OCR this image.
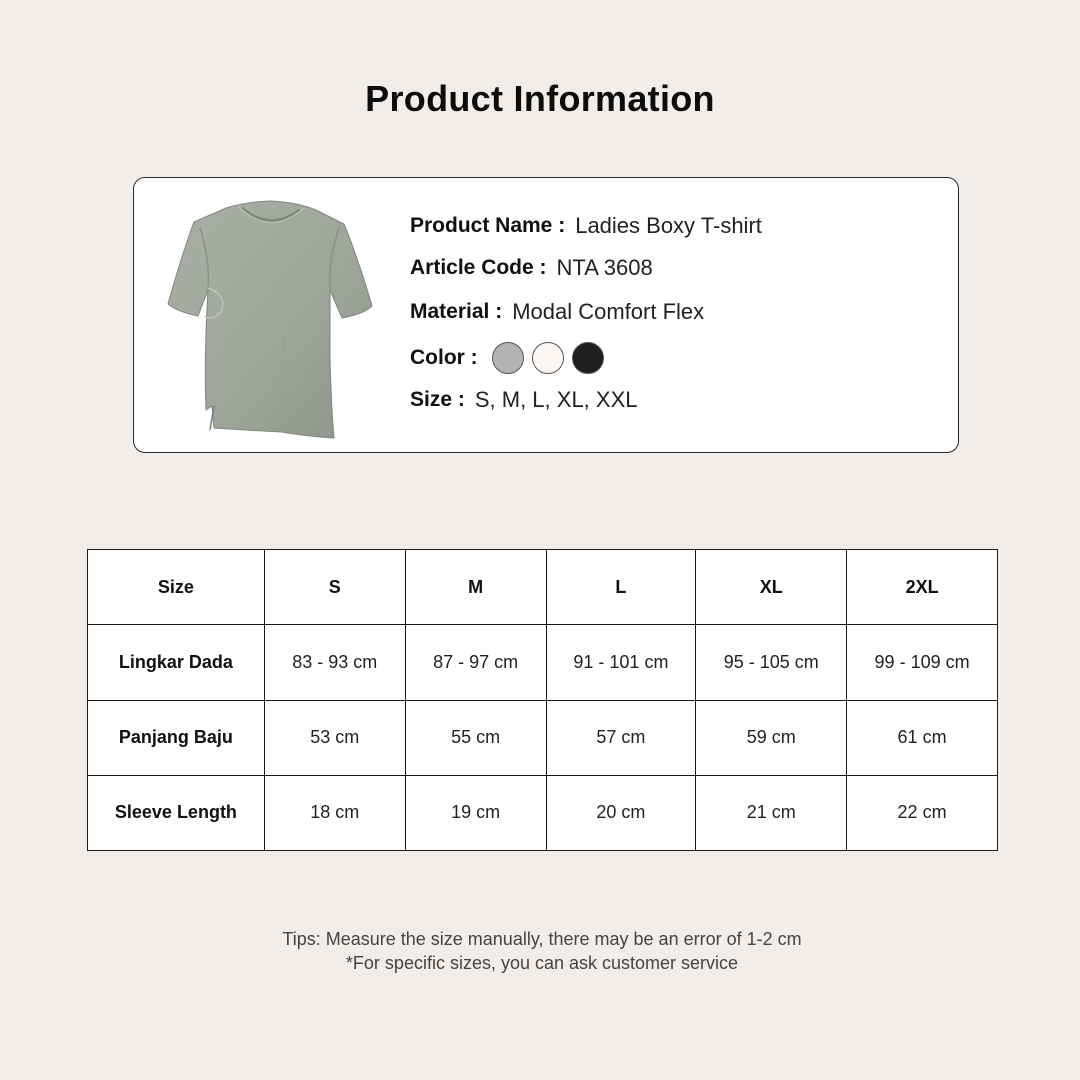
Product Information
Product Name : Ladies Boxy T-shirt
Article Code : NTA 3608
Material : Modal Comfort Flex
Color :
Size : S, M, L, XL, XXL
Size	S	M	L	XL	2XL
Lingkar Dada	83 - 93 cm	87 - 97 cm	91 - 101 cm	95 - 105 cm	99 - 109 cm
Panjang Baju	53 cm	55 cm	57 cm	59 cm	61 cm
Sleeve Length	18 cm	19 cm	20 cm	21 cm	22 cm
Tips: Measure the size manually, there may be an error of 1-2 cm
*For specific sizes, you can ask customer service
